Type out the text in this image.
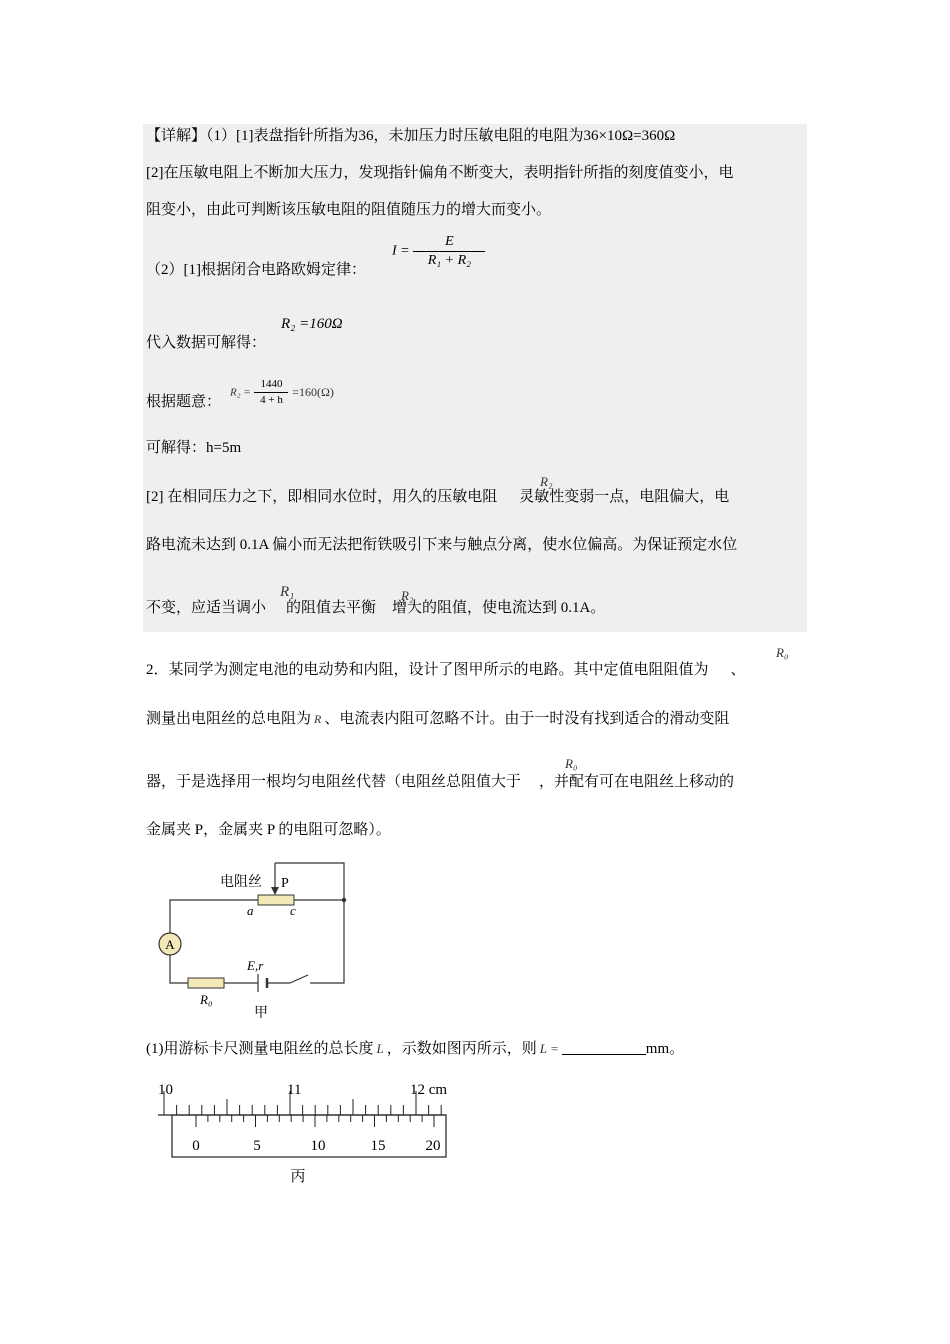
【详解】（1）[1]表盘指针所指为36，未加压力时压敏电阻的电阻为36×10Ω=360Ω
[2]在压敏电阻上不断加大压力，发现指针偏角不断变大，表明指针所指的刻度值变小，电
阻变小，由此可判断该压敏电阻的阻值随压力的增大而变小。
（2）[1]根据闭合电路欧姆定律：
$I = \frac{E}{\text{R₁ + R₂}}$
代入数据可解得：
R₂ =160Ω
根据题意：
$R_2 = \frac{1440}{4 + h} =160(\Omega)$
可解得：h=5m
[2] 在相同压力之下，即相同水位时，用久的压敏电阻 灵敏性变弱一点，电阻偏大，电
R₂
路电流未达到 0.1A 偏小而无法把衔铁吸引下来与触点分离，使水位偏高。为保证预定水位
不变，应适当调小 的阻值去平衡 增大的阻值，使电流达到 0.1A。
R₁	R₂
2．某同学为测定电池的电动势和内阻，设计了图甲所示的电路。其中定值电阻阻值为 、
R₀
测量出电阻丝的总电阻为 R 、电流表内阻可忽略不计。由于一时没有找到适合的滑动变阻
器，于是选择用一根均匀电阻丝代替（电阻丝总阻值大于 ，并配有可在电阻丝上移动的
R₀
金属夹 P，金属夹 P 的电阻可忽略）。
A
电阻丝 P
a	c
E,r
R₀
甲
(1)用游标卡尺测量电阻丝的总长度 L ，示数如图丙所示，则 L =	mm。
10	11	12 cm
0	5	10	15	20
丙
